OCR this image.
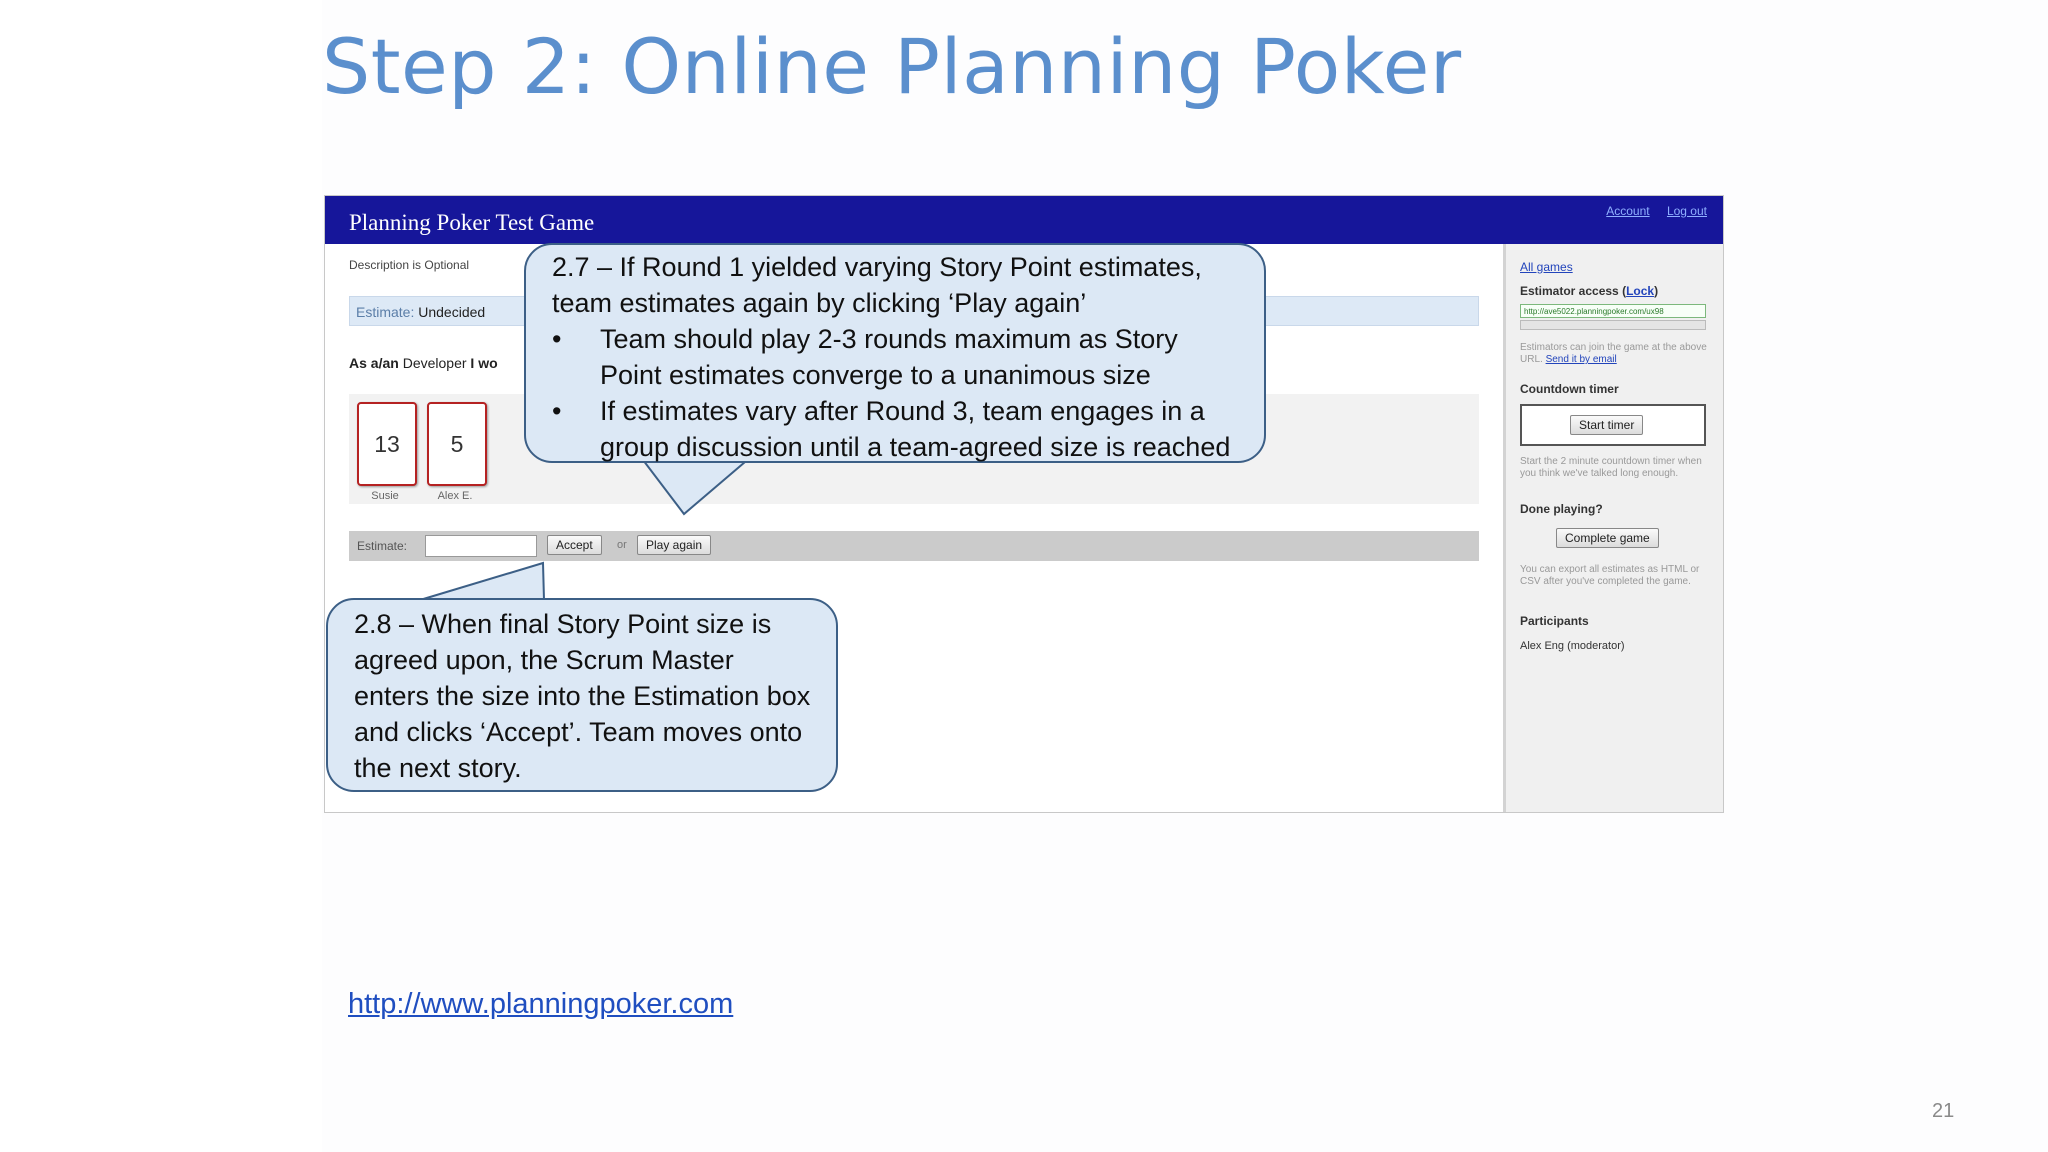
Step 2: Online Planning Poker
Planning Poker Test Game	Account Log out
Description is Optional
Estimate: Undecided
As a/an Developer I wo
13
Susie
5
Alex E.
Estimate:	Accept	or	Play again
All games
Estimator access (Lock)
http://ave5022.planningpoker.com/ux98
Estimators can join the game at the above URL. Send it by email
Countdown timer
Start timer
Start the 2 minute countdown timer when you think we've talked long enough.
Done playing?
Complete game
You can export all estimates as HTML or CSV after you've completed the game.
Participants
Alex Eng (moderator)

2.7 – If Round 1 yielded varying Story Point estimates,

team estimates again by clicking ‘Play again’

• Team should play 2-3 rounds maximum as Story Point estimates converge to a unanimous size
• If estimates vary after Round 3, team engages in a group discussion until a team-agreed size is reached

2.8 – When final Story Point size is agreed upon, the Scrum Master enters the size into the Estimation box and clicks ‘Accept’. Team moves onto the next story.

http://www.planningpoker.com
21
